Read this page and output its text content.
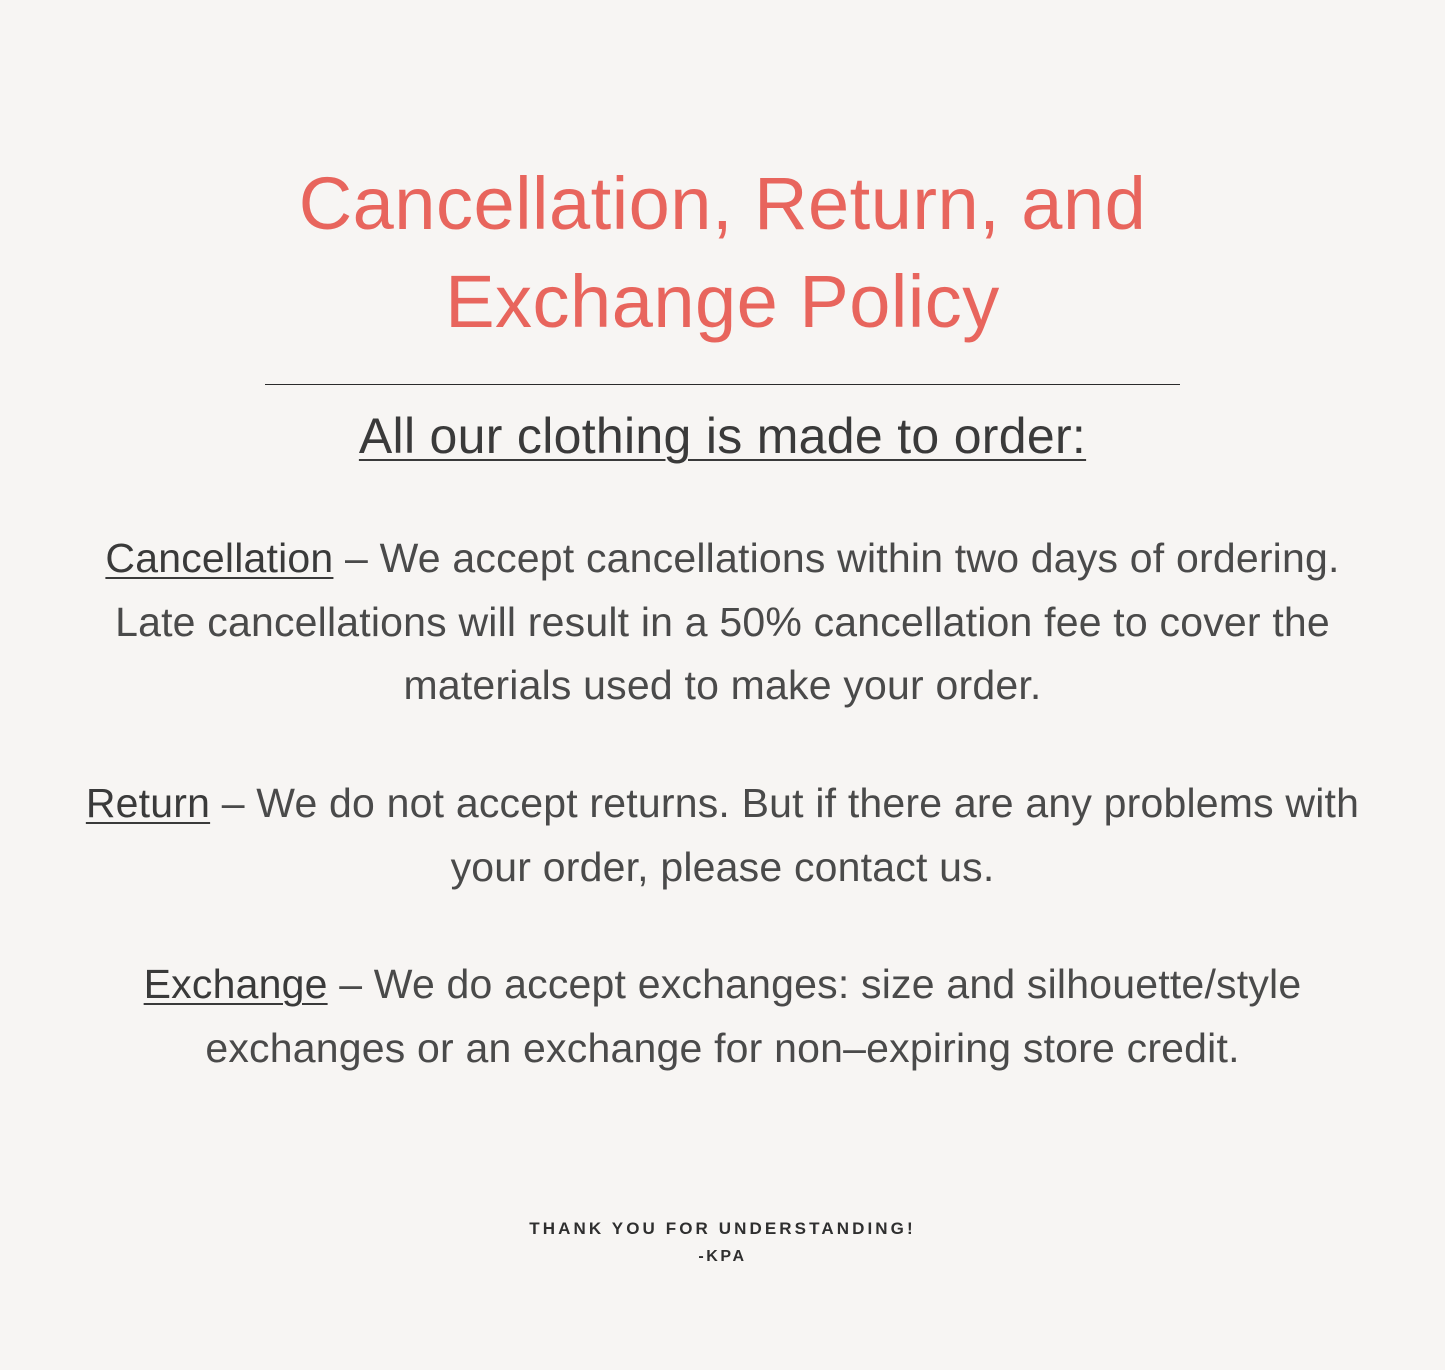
Cancellation, Return, and Exchange Policy
All our clothing is made to order:

Cancellation – We accept cancellations within two days of ordering. Late cancellations will result in a 50% cancellation fee to cover the materials used to make your order.

Return – We do not accept returns. But if there are any problems with your order, please contact us.

Exchange – We do accept exchanges: size and silhouette/style exchanges or an exchange for non–expiring store credit.

THANK YOU FOR UNDERSTANDING!
-KPA
